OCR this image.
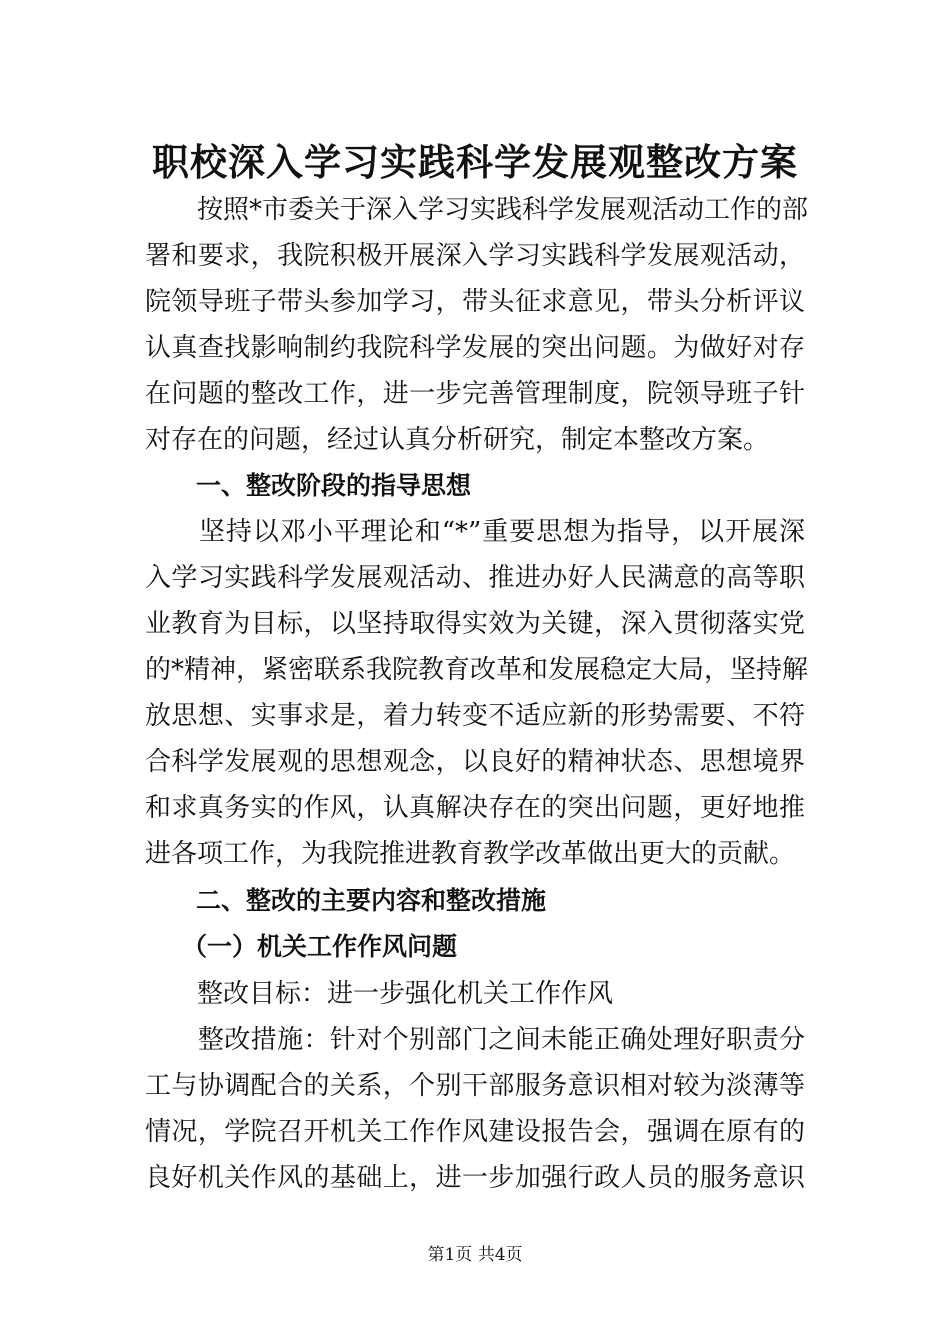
职校深入学习实践科学发展观整改方案
　　按照*市委关于深入学习实践科学发展观活动工作的部
署和要求，我院积极开展深入学习实践科学发展观活动，
院领导班子带头参加学习，带头征求意见，带头分析评议
认真查找影响制约我院科学发展的突出问题。为做好对存
在问题的整改工作，进一步完善管理制度，院领导班子针
对存在的问题，经过认真分析研究，制定本整改方案。
一、整改阶段的指导思想
　　坚持以邓小平理论和“*”重要思想为指导，以开展深
入学习实践科学发展观活动、推进办好人民满意的高等职
业教育为目标，以坚持取得实效为关键，深入贯彻落实党
的*精神，紧密联系我院教育改革和发展稳定大局，坚持解
放思想、实事求是，着力转变不适应新的形势需要、不符
合科学发展观的思想观念，以良好的精神状态、思想境界
和求真务实的作风，认真解决存在的突出问题，更好地推
进各项工作，为我院推进教育教学改革做出更大的贡献。
二、整改的主要内容和整改措施
（一）机关工作作风问题
　　整改目标：进一步强化机关工作作风
　　整改措施：针对个别部门之间未能正确处理好职责分
工与协调配合的关系，个别干部服务意识相对较为淡薄等
情况，学院召开机关工作作风建设报告会，强调在原有的
良好机关作风的基础上，进一步加强行政人员的服务意识
第1页 共4页
